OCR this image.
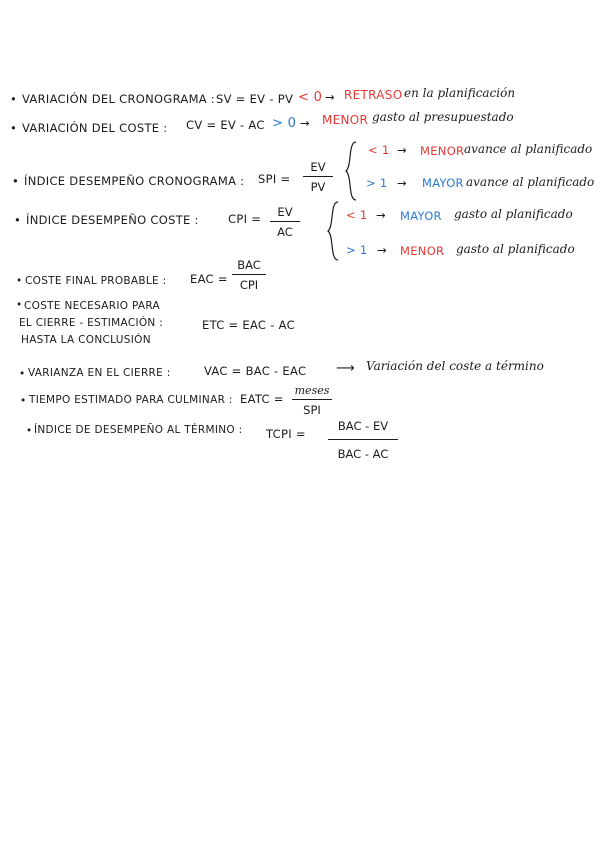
• VARIACIÓN DEL CRONOGRAMA : SV = EV - PV < 0 → RETRASO en la planificación
• VARIACIÓN DEL COSTE : CV = EV - AC > 0 → MENOR gasto al presupuestado
• ÍNDICE DESEMPEÑO CRONOGRAMA : SPI = $\frac{EV}{PV}$
< 1 → MENOR avance al planificado
> 1 → MAYOR avance al planificado
• ÍNDICE DESEMPEÑO COSTE :	CPI = $\frac{EV}{AC}$	< 1 → MAYOR gasto al planificado
> 1 → MENOR gasto al planificado
• COSTE FINAL PROBABLE : EAC =
BAC
CPI
• COSTE NECESARIO PARA
EL CIERRE - ESTIMACIÓN :
HASTA LA CONCLUSIÓN
ETC = EAC - AC
• VARIANZA EN EL CIERRE :	VAC = BAC - EAC ⟶ Variación del coste a término
• TIEMPO ESTIMADO PARA CULMINAR : EATC =
meses
SPI
• ÍNDICE DE DESEMPEÑO AL TÉRMINO : TCPI =
BAC - EV
BAC - AC
